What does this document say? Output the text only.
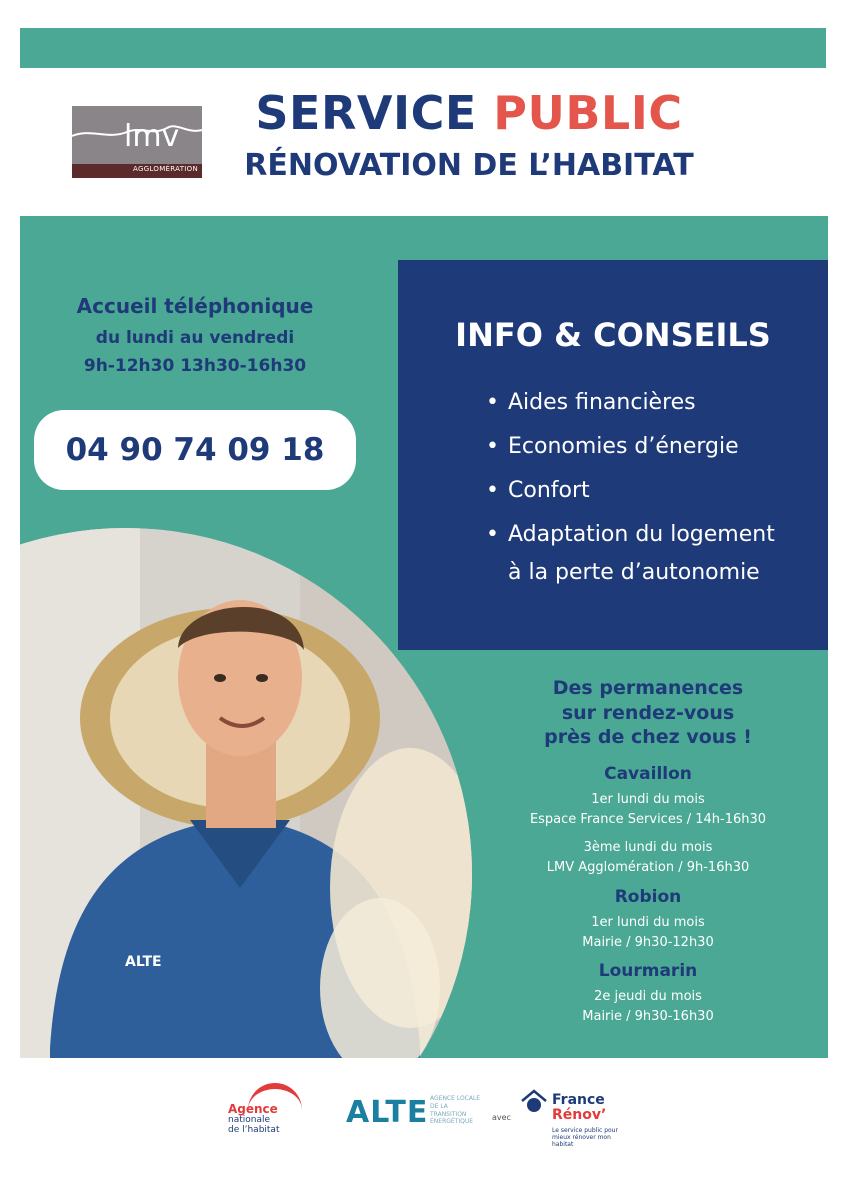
lmv
AGGLOMÉRATION
SERVICE PUBLIC
RÉNOVATION DE L’HABITAT
Accueil téléphonique
du lundi au vendredi
9h-12h30 13h30-16h30
04 90 74 09 18
ALTE
INFO & CONSEILS
• Aides financières
• Economies d’énergie
• Confort
• Adaptation du logement
à la perte d’autonomie
Des permanences
sur rendez-vous
près de chez vous !
Cavaillon
1er lundi du mois
Espace France Services / 14h-16h30
3ème lundi du mois
LMV Agglomération / 9h-16h30
Robion
1er lundi du mois
Mairie / 9h30-12h30
Lourmarin
2e jeudi du mois
Mairie / 9h30-16h30
Agence
nationale
de l’habitat
ALTE AGENCE LOCALE DE LA TRANSITION ÉNERGÉTIQUE	avec
France
Rénov’
Le service public pour mieux rénover mon habitat
